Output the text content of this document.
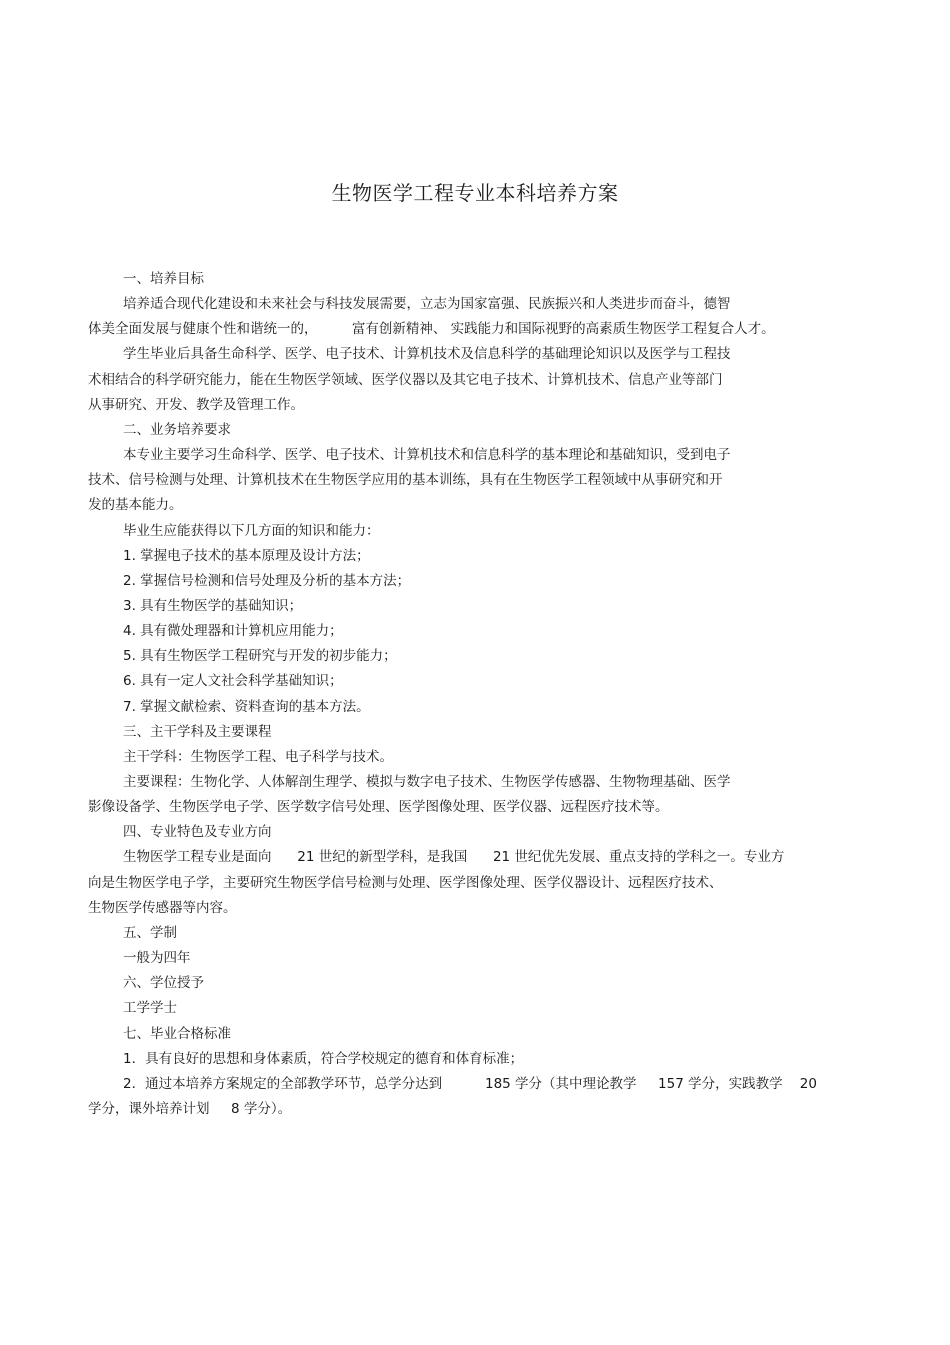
生物医学工程专业本科培养方案
一、培养目标
培养适合现代化建设和未来社会与科技发展需要，立志为国家富强、民族振兴和人类进步而奋斗，德智
体美全面发展与健康个性和谐统一的，        富有创新精神、 实践能力和国际视野的高素质生物医学工程复合人才。
学生毕业后具备生命科学、医学、电子技术、计算机技术及信息科学的基础理论知识以及医学与工程技
术相结合的科学研究能力，能在生物医学领域、医学仪器以及其它电子技术、计算机技术、信息产业等部门
从事研究、开发、教学及管理工作。
二、业务培养要求
本专业主要学习生命科学、医学、电子技术、计算机技术和信息科学的基本理论和基础知识，受到电子
技术、信号检测与处理、计算机技术在生物医学应用的基本训练，具有在生物医学工程领域中从事研究和开
发的基本能力。
毕业生应能获得以下几方面的知识和能力：
1. 掌握电子技术的基本原理及设计方法；
2. 掌握信号检测和信号处理及分析的基本方法；
3. 具有生物医学的基础知识；
4. 具有微处理器和计算机应用能力；
5. 具有生物医学工程研究与开发的初步能力；
6. 具有一定人文社会科学基础知识；
7. 掌握文献检索、资料查询的基本方法。
三、主干学科及主要课程
主干学科：生物医学工程、电子科学与技术。
主要课程：生物化学、人体解剖生理学、模拟与数字电子技术、生物医学传感器、生物物理基础、医学
影像设备学、生物医学电子学、医学数字信号处理、医学图像处理、医学仪器、远程医疗技术等。
四、专业特色及专业方向
生物医学工程专业是面向      21 世纪的新型学科，是我国      21 世纪优先发展、重点支持的学科之一。专业方
向是生物医学电子学，主要研究生物医学信号检测与处理、医学图像处理、医学仪器设计、远程医疗技术、
生物医学传感器等内容。
五、学制
一般为四年
六、学位授予
工学学士
七、毕业合格标准
1．具有良好的思想和身体素质，符合学校规定的德育和体育标准；
2．通过本培养方案规定的全部教学环节，总学分达到          185 学分（其中理论教学     157 学分，实践教学    20
学分，课外培养计划     8 学分）。
